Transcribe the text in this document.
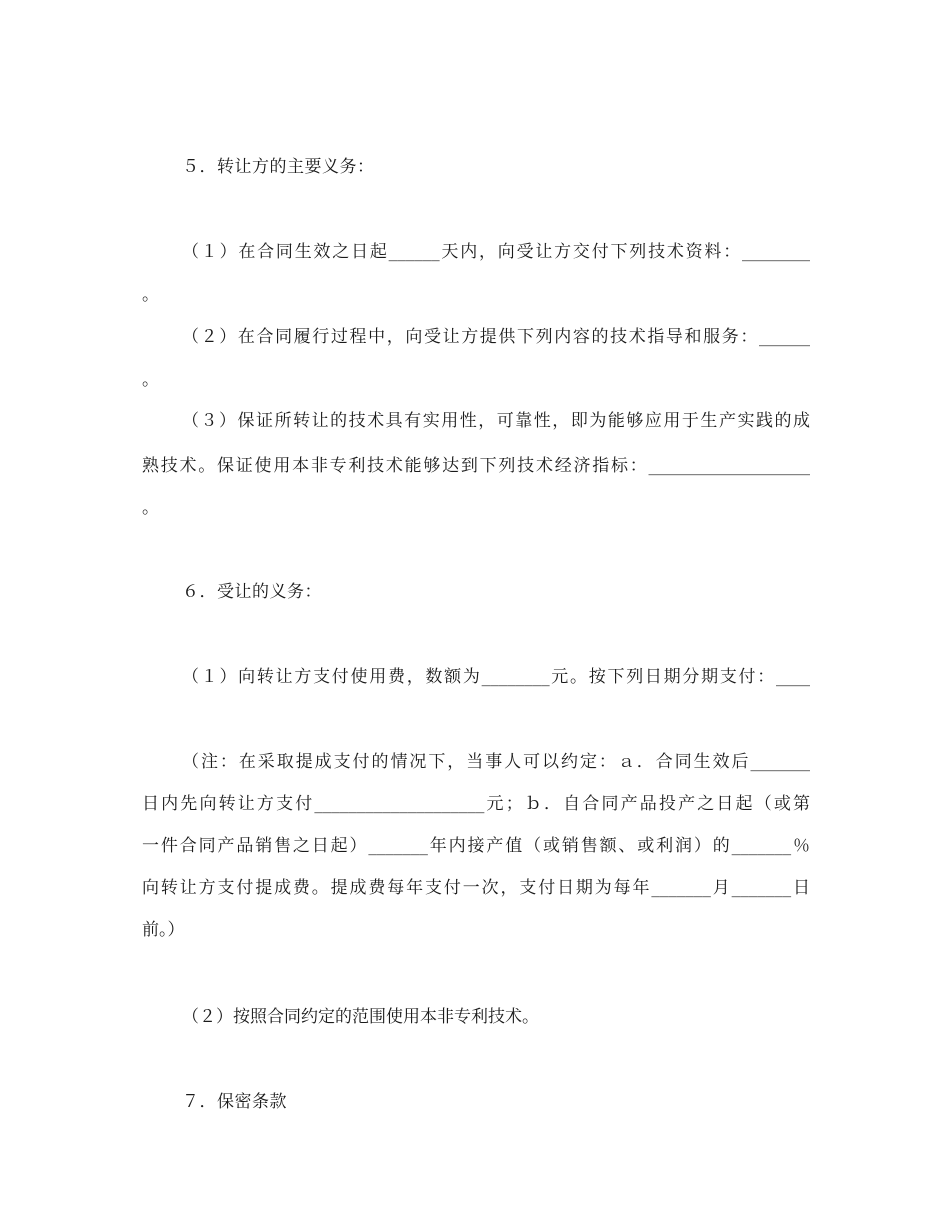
５．转让方的主要义务：
（１）在合同生效之日起______天内，向受让方交付下列技术资料：________
。
（２）在合同履行过程中，向受让方提供下列内容的技术指导和服务：______
。
（３）保证所转让的技术具有实用性，可靠性，即为能够应用于生产实践的成
熟技术。保证使用本非专利技术能够达到下列技术经济指标：___________________
。
６．受让的义务：
（１）向转让方支付使用费，数额为________元。按下列日期分期支付：____
（注：在采取提成支付的情况下，当事人可以约定：ａ．合同生效后_______
日内先向转让方支付____________________元；ｂ．自合同产品投产之日起（或第
一件合同产品销售之日起）_______年内接产值（或销售额、或利润）的_______％
向转让方支付提成费。提成费每年支付一次，支付日期为每年_______月_______日
前。）
（２）按照合同约定的范围使用本非专利技术。
７．保密条款
